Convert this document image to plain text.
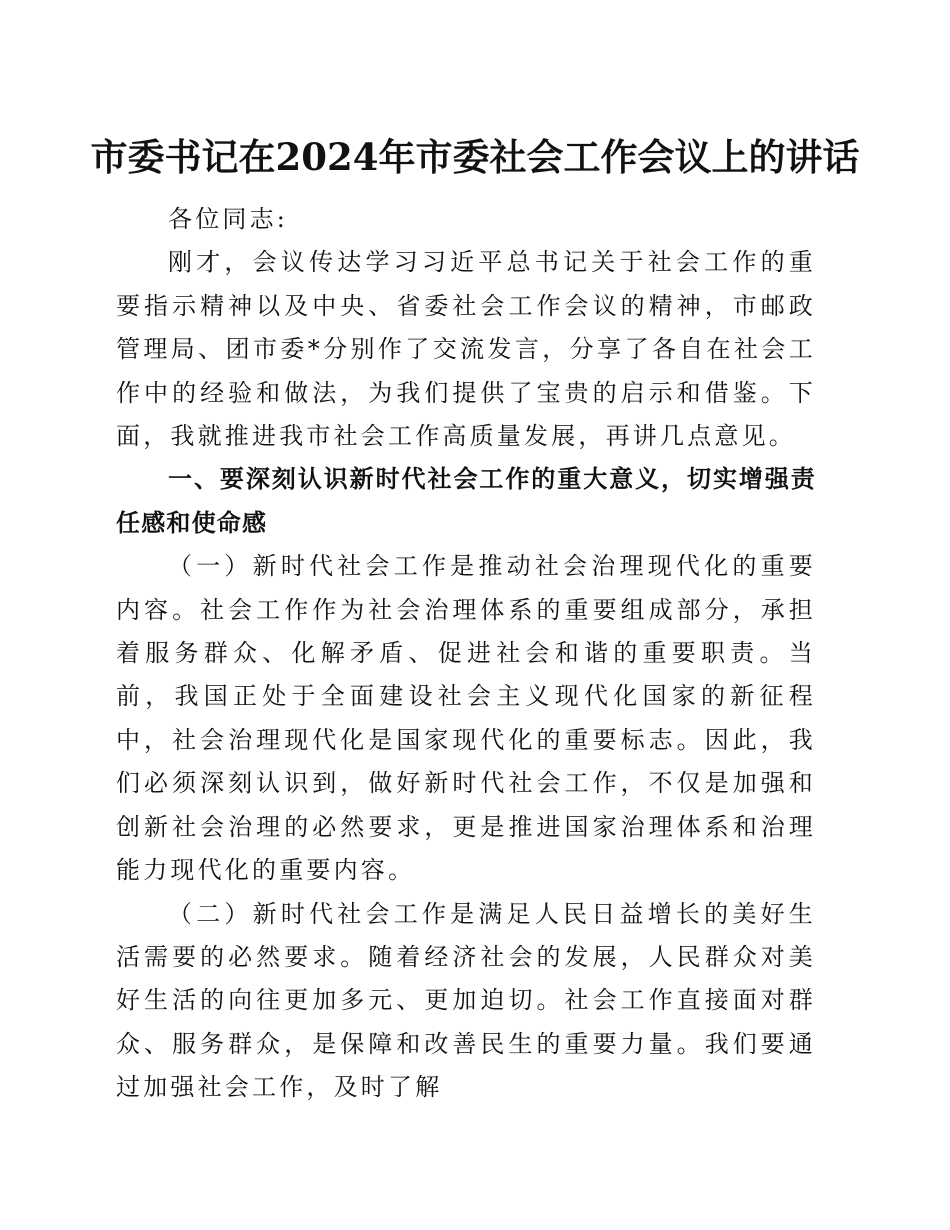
市委书记在2024年市委社会工作会议上的讲话

各位同志:

刚才，会议传达学习习近平总书记关于社会工作的重要指示精神以及中央、省委社会工作会议的精神，市邮政管理局、团市委*分别作了交流发言，分享了各自在社会工作中的经验和做法，为我们提供了宝贵的启示和借鉴。下面，我就推进我市社会工作高质量发展，再讲几点意见。

一、要深刻认识新时代社会工作的重大意义，切实增强责任感和使命感

（一）新时代社会工作是推动社会治理现代化的重要内容。社会工作作为社会治理体系的重要组成部分，承担着服务群众、化解矛盾、促进社会和谐的重要职责。当前，我国正处于全面建设社会主义现代化国家的新征程中，社会治理现代化是国家现代化的重要标志。因此，我们必须深刻认识到，做好新时代社会工作，不仅是加强和创新社会治理的必然要求，更是推进国家治理体系和治理能力现代化的重要内容。

（二）新时代社会工作是满足人民日益增长的美好生活需要的必然要求。随着经济社会的发展，人民群众对美好生活的向往更加多元、更加迫切。社会工作直接面对群众、服务群众，是保障和改善民生的重要力量。我们要通过加强社会工作，及时了解
